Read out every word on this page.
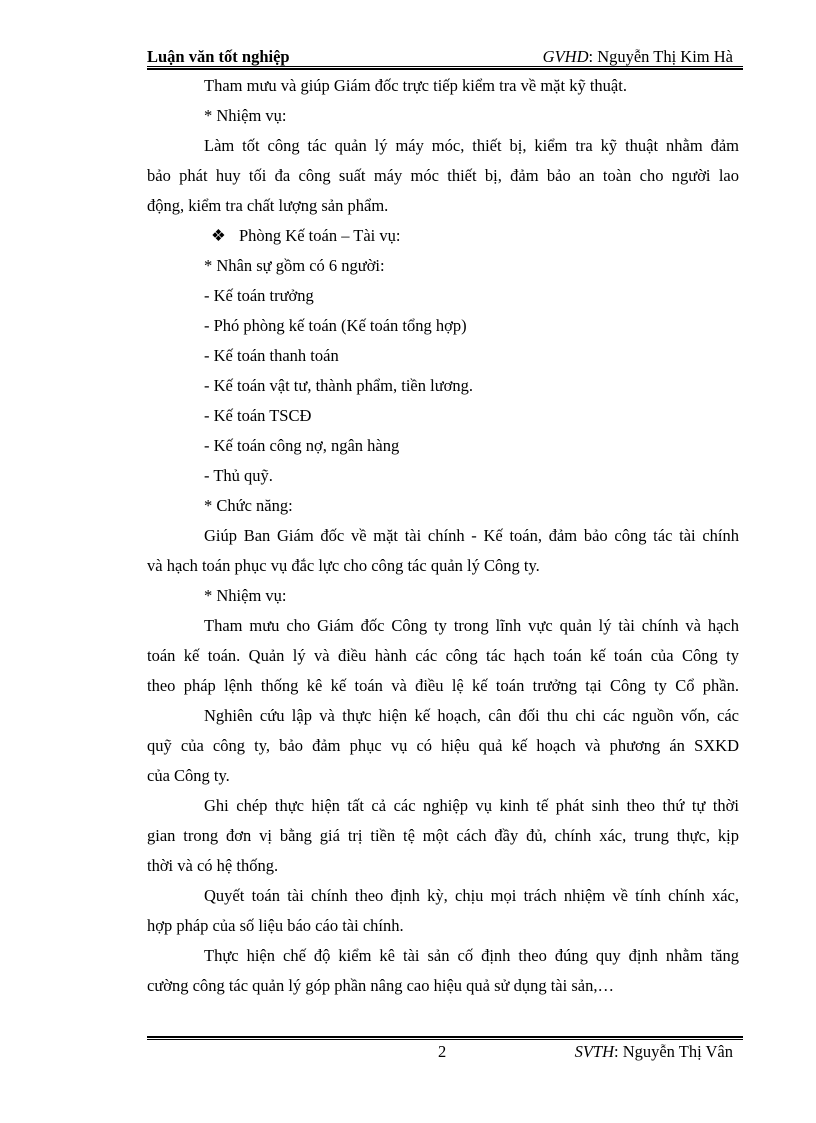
Luận văn tốt nghiệp	GVHD: Nguyễn Thị Kim Hà
Tham mưu và giúp Giám đốc trực tiếp kiểm tra về mặt kỹ thuật.
* Nhiệm vụ:
Làm tốt công tác quản lý máy móc, thiết bị, kiểm tra kỹ thuật nhằm đảm
bảo phát huy tối đa công suất máy móc thiết bị, đảm bảo an toàn cho người lao
động, kiểm tra chất lượng sản phẩm.
❖ Phòng Kế toán – Tài vụ:
* Nhân sự gồm có 6 người:
- Kế toán trưởng
- Phó phòng kế toán (Kế toán tổng hợp)
- Kế toán thanh toán
- Kế toán vật tư, thành phẩm, tiền lương.
- Kế toán TSCĐ
- Kế toán công nợ, ngân hàng
- Thủ quỹ.
* Chức năng:
Giúp Ban Giám đốc về mặt tài chính - Kế toán, đảm bảo công tác tài chính
và hạch toán phục vụ đắc lực cho công tác quản lý Công ty.
* Nhiệm vụ:
Tham mưu cho Giám đốc Công ty trong lĩnh vực quản lý tài chính và hạch
toán kế toán. Quản lý và điều hành các công tác hạch toán kế toán của Công ty
theo pháp lệnh thống kê kế toán và điều lệ kế toán trưởng tại Công ty Cổ phần.
Nghiên cứu lập và thực hiện kế hoạch, cân đối thu chi các nguồn vốn, các
quỹ của công ty, bảo đảm phục vụ có hiệu quả kế hoạch và phương án SXKD
của Công ty.
Ghi chép thực hiện tất cả các nghiệp vụ kinh tế phát sinh theo thứ tự thời
gian trong đơn vị bằng giá trị tiền tệ một cách đầy đủ, chính xác, trung thực, kịp
thời và có hệ thống.
Quyết toán tài chính theo định kỳ, chịu mọi trách nhiệm về tính chính xác,
hợp pháp của số liệu báo cáo tài chính.
Thực hiện chế độ kiểm kê tài sản cố định theo đúng quy định nhằm tăng
cường công tác quản lý góp phần nâng cao hiệu quả sử dụng tài sản,…
2	SVTH: Nguyễn Thị Vân
